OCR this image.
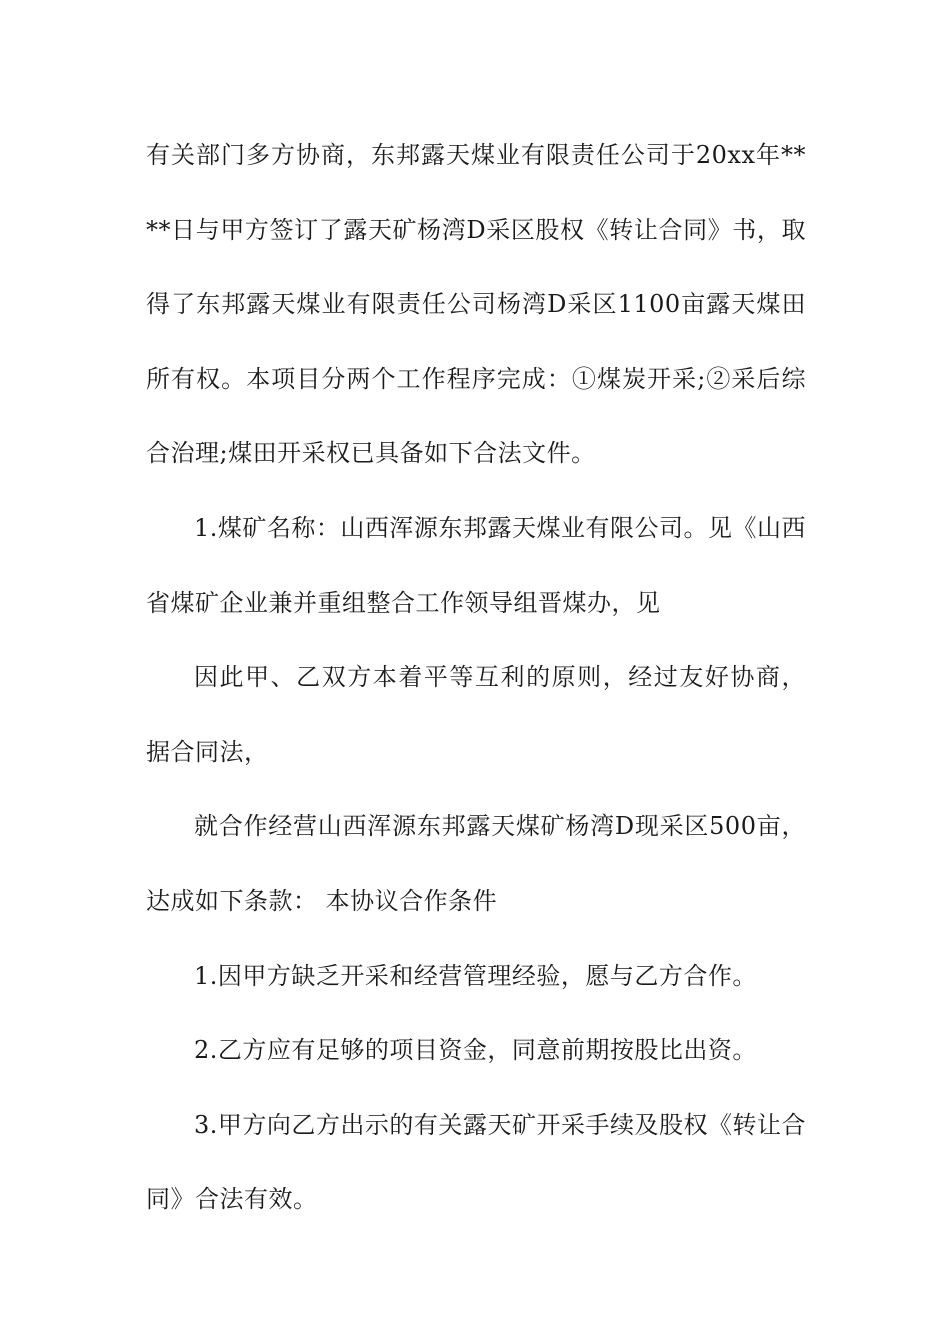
有关部门多方协商，东邦露天煤业有限责任公司于20xx年**
**日与甲方签订了露天矿杨湾D采区股权《转让合同》书，取
得了东邦露天煤业有限责任公司杨湾D采区1100亩露天煤田
所有权。本项目分两个工作程序完成：①煤炭开采;②采后综
合治理;煤田开采权已具备如下合法文件。
1.煤矿名称：山西浑源东邦露天煤业有限公司。见《山西
省煤矿企业兼并重组整合工作领导组晋煤办，见
因此甲、乙双方本着平等互利的原则，经过友好协商，
据合同法，
就合作经营山西浑源东邦露天煤矿杨湾D现采区500亩，
达成如下条款： 本协议合作条件
1.因甲方缺乏开采和经营管理经验，愿与乙方合作。
2.乙方应有足够的项目资金，同意前期按股比出资。
3.甲方向乙方出示的有关露天矿开采手续及股权《转让合
同》合法有效。
